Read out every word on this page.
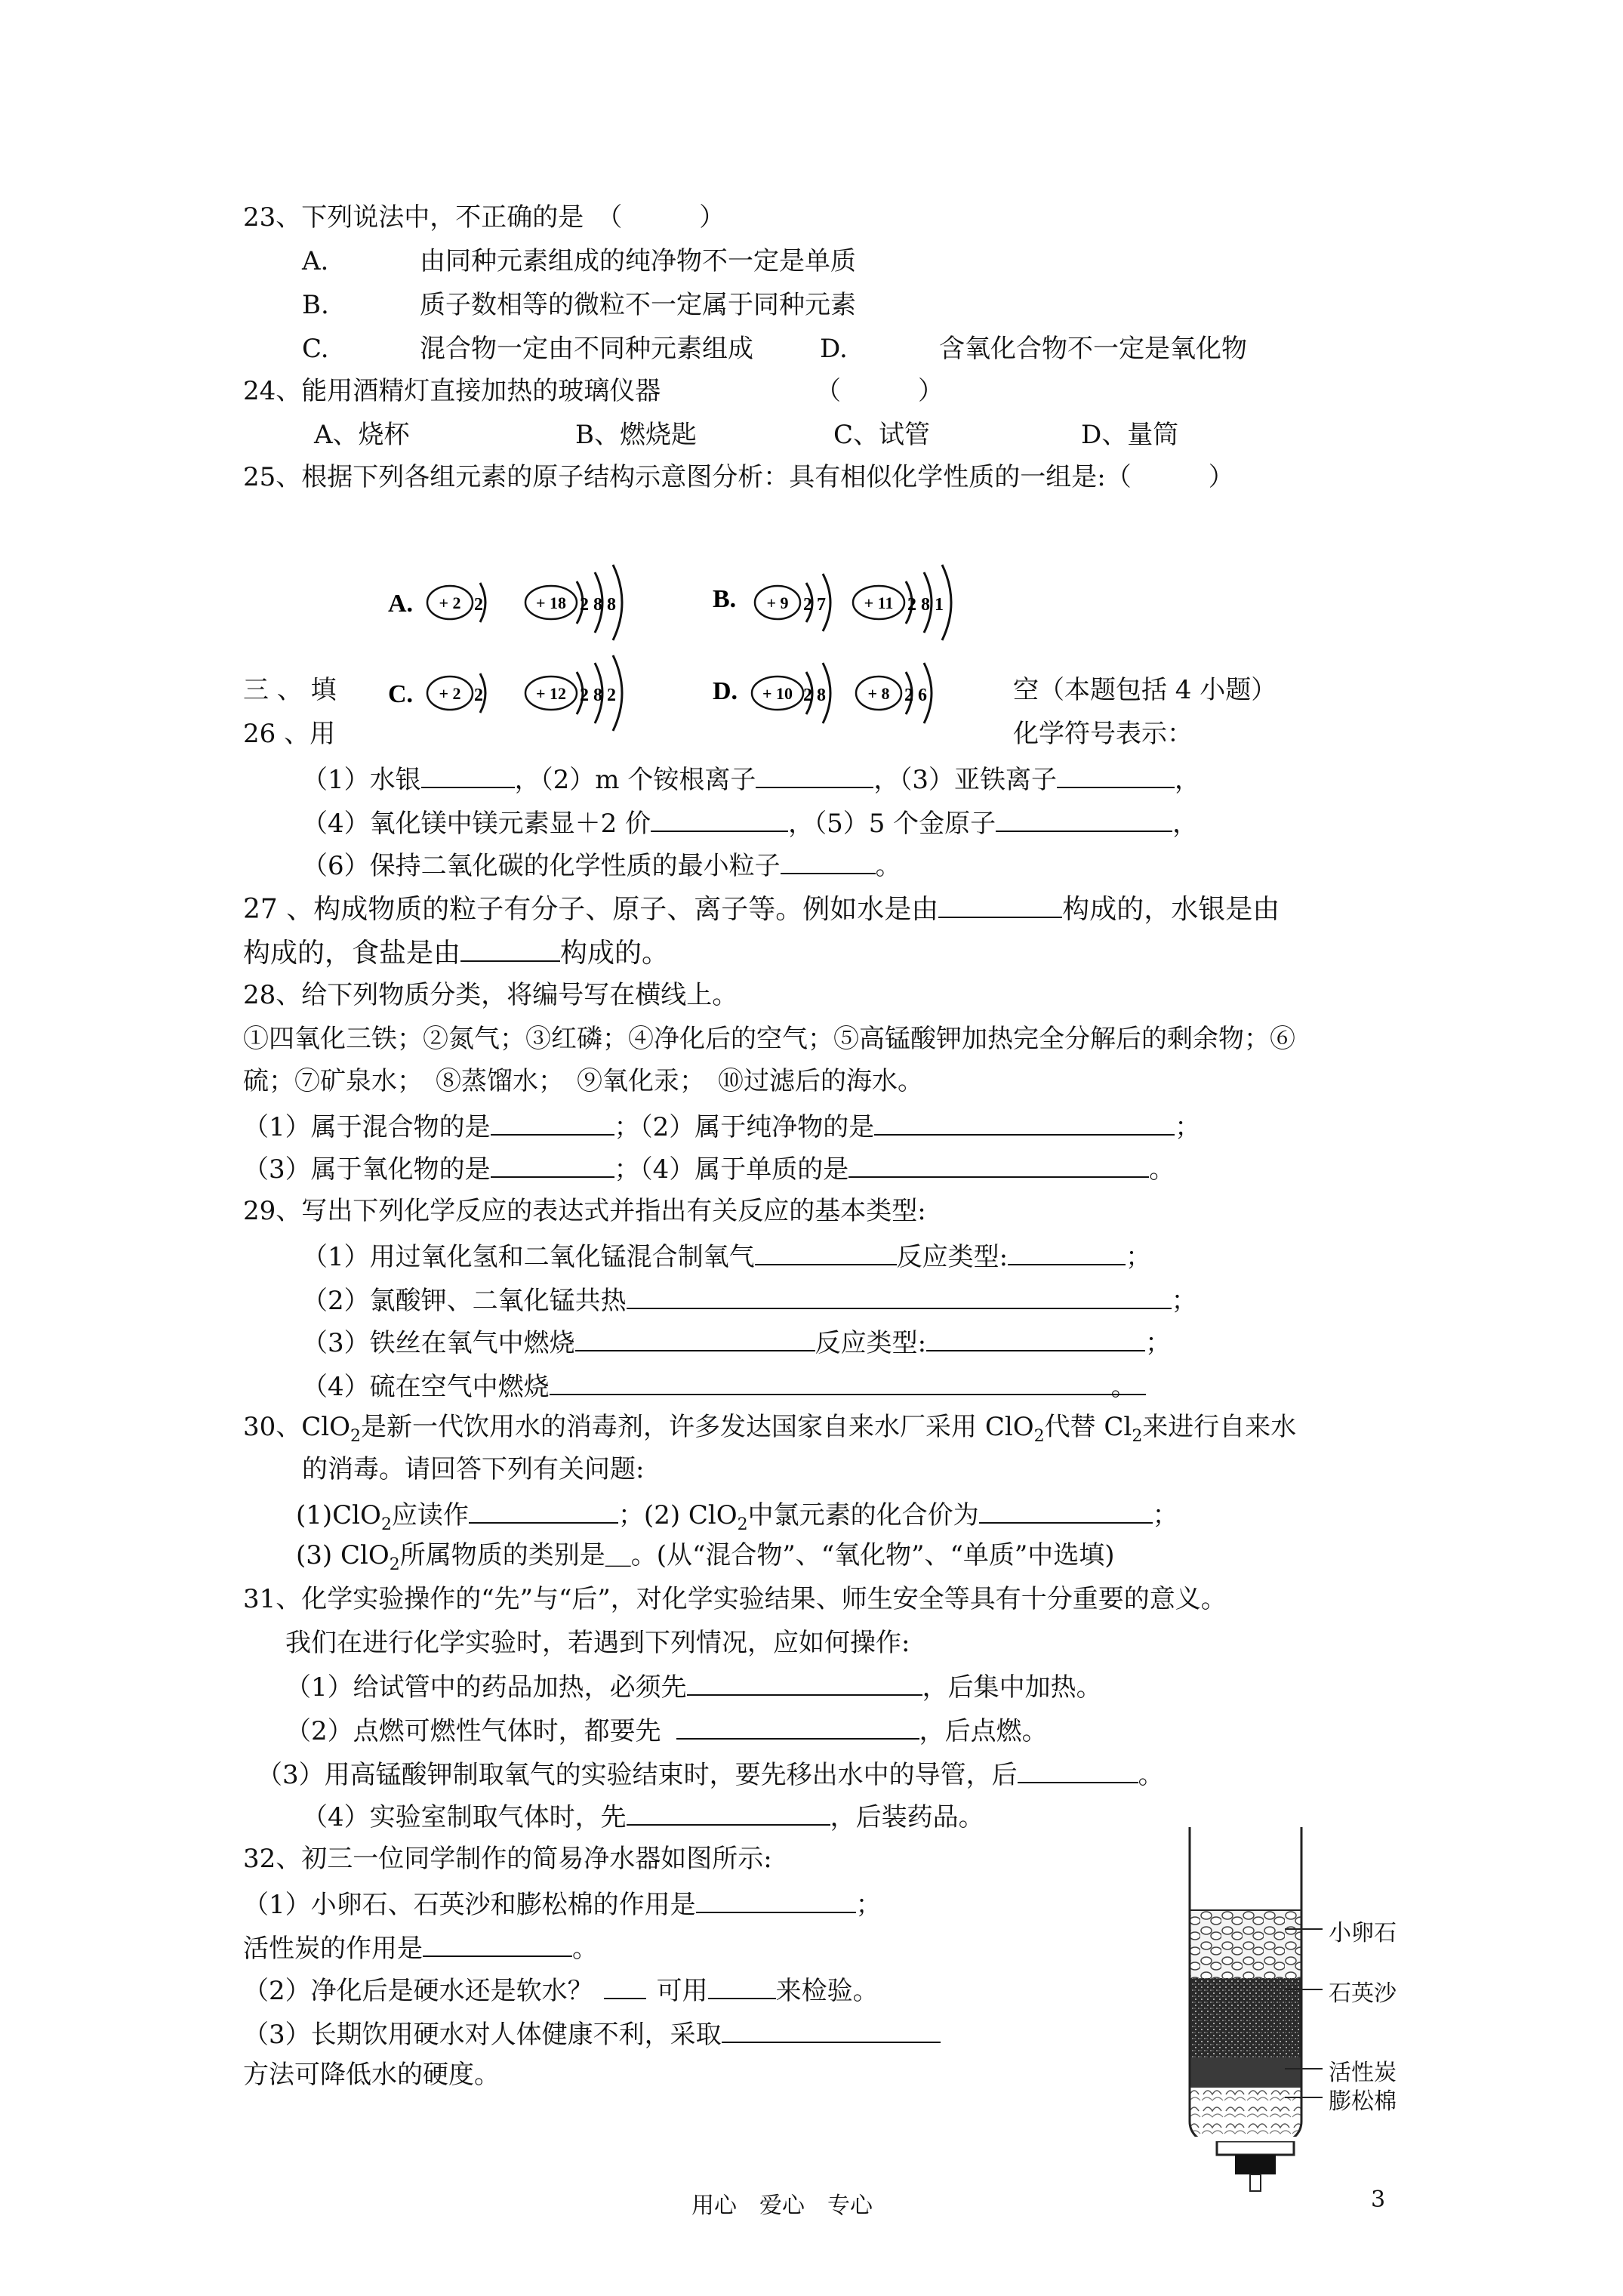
23、下列说法中，不正确的是　（　　　）
A.	由同种元素组成的纯净物不一定是单质
B.	质子数相等的微粒不一定属于同种元素
C.	混合物一定由不同种元素组成	D.	含氧化合物不一定是氧化物
24、能用酒精灯直接加热的玻璃仪器	（　　　）
A、烧杯	B、燃烧匙	C、试管	D、量筒
25、根据下列各组元素的原子结构示意图分析：具有相似化学性质的一组是:（　　　）
A. + 2 2	+ 18 2 8 8	B. + 9 2 7 + 11 2 8 1
C. + 2 2	+ 12 2 8 2	D. + 10 2 8	+ 8 2 6
三 、 填	空（本题包括 4 小题）
26 、用	化学符号表示：
（1）水银	，（2）m 个铵根离子	，（3）亚铁离子	，
（4）氧化镁中镁元素显＋2 价	，（5）5 个金原子	，
（6）保持二氧化碳的化学性质的最小粒子	。
27 、构成物质的粒子有分子、原子、离子等。例如水是由	构成的，水银是由
构成的，食盐是由	构成的。
28、给下列物质分类，将编号写在横线上。
①四氧化三铁；②氮气；③红磷；④净化后的空气；⑤高锰酸钾加热完全分解后的剩余物；⑥
硫；⑦矿泉水；　⑧蒸馏水；　⑨氧化汞；　⑩过滤后的海水。
（1）属于混合物的是	；（2）属于纯净物的是	；
（3）属于氧化物的是	；（4）属于单质的是	。
29、写出下列化学反应的表达式并指出有关反应的基本类型:
（1）用过氧化氢和二氧化锰混合制氧气	反应类型:	；
（2）氯酸钾、二氧化锰共热	；
（3）铁丝在氧气中燃烧	反应类型:	；
（4）硫在空气中燃烧	。
30、ClO$_2$是新一代饮用水的消毒剂，许多发达国家自来水厂采用 ClO$_2$代替 $Cl_2$来进行自来水
的消毒。请回答下列有关问题:
(1)ClO$_2$应读作	；(2) ClO$_2$中氯元素的化合价为	；
(3) ClO$_2$所属物质的类别是＿。(从“混合物”、“氧化物”、“单质”中选填)
31、化学实验操作的“先”与“后”，对化学实验结果、师生安全等具有十分重要的意义。
我们在进行化学实验时，若遇到下列情况，应如何操作:
（1）给试管中的药品加热，必须先	，后集中加热。
（2）点燃可燃性气体时，都要先	，后点燃。
（3）用高锰酸钾制取氧气的实验结束时，要先移出水中的导管，后	。
（4）实验室制取气体时，先	，后装药品。
32、初三一位同学制作的简易净水器如图所示:
（1）小卵石、石英沙和膨松棉的作用是	；
活性炭的作用是	。
（2）净化后是硬水还是软水？ 可用	来检验。
（3）长期饮用硬水对人体健康不利，采取
方法可降低水的硬度。
小卵石
石英沙
活性炭
膨松棉
用心　爱心　专心	3
